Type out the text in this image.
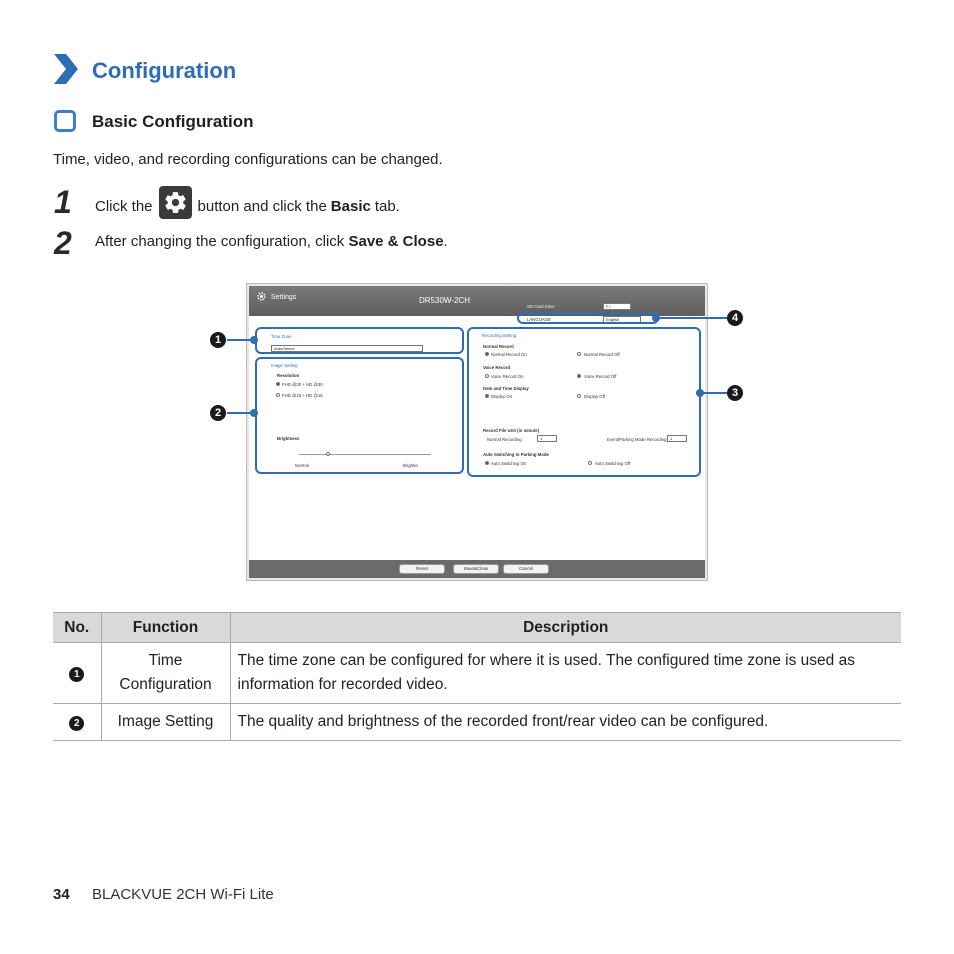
Configuration
Basic Configuration
Time, video, and recording configurations can be changed.
1 Click the	button and click the Basic tab.
2 After changing the configuration, click Save & Close.
Settings	DR530W-2CH
SD Card Drive	F:\
LANGUAGE	English
Time Zone
Auto/Select
Image Setting
Resolution
FHD @30 + HD @30
FHD @15 + HD @15
Brightness
Normal	Brighter
Recording Setting
Normal Record
Normal Record On	Normal Record Off
Voice Record
Voice Record On	Voice Record Off
Date and Time Display
Display On	Display Off
Record File Unit (in minute)
Normal Recording	1	Event/Parking Mode Recording 1
Auto Switching to Parking Mode
Auto Switching On	Auto Switching Off
Reset	Save&Close	Cancel
1
2
3
4
No.	Function	Description
1	Time Configuration	The time zone can be configured for where it is used. The configured time zone is used as information for recorded video.
2	Image Setting	The quality and brightness of the recorded front/rear video can be configured.
34 BLACKVUE 2CH Wi-Fi Lite
